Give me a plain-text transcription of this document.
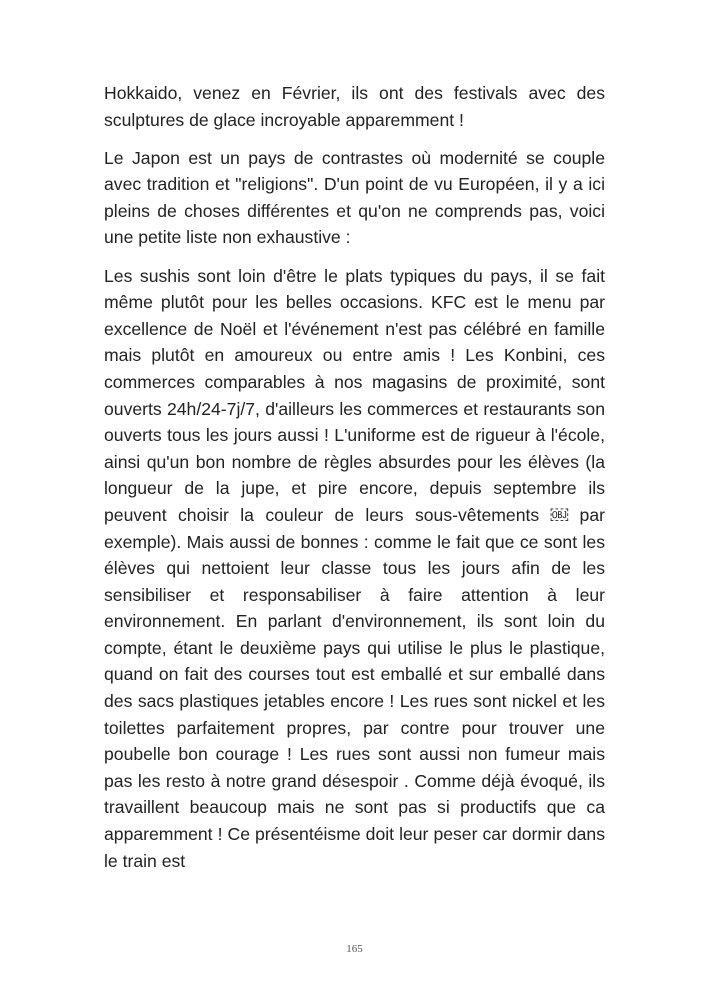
Hokkaido, venez en Février, ils ont des festivals avec des sculptures de glace incroyable apparemment !

Le Japon est un pays de contrastes où modernité se couple avec tradition et "religions". D'un point de vu Européen, il y a ici pleins de choses différentes et qu'on ne comprends pas, voici une petite liste non exhaustive :

Les sushis sont loin d'être le plats typiques du pays, il se fait même plutôt pour les belles occasions. KFC est le menu par excellence de Noël et l'événement n'est pas célébré en famille mais plutôt en amoureux ou entre amis ! Les Konbini, ces commerces comparables à nos magasins de proximité, sont ouverts 24h/24-7j/7, d'ailleurs les commerces et restaurants son ouverts tous les jours aussi ! L'uniforme est de rigueur à l'école, ainsi qu'un bon nombre de règles absurdes pour les élèves (la longueur de la jupe, et pire encore, depuis septembre ils peuvent choisir la couleur de leurs sous-vêtements ￼ par exemple). Mais aussi de bonnes : comme le fait que ce sont les élèves qui nettoient leur classe tous les jours afin de les sensibiliser et responsabiliser à faire attention à leur environnement. En parlant d'environnement, ils sont loin du compte, étant le deuxième pays qui utilise le plus le plastique, quand on fait des courses tout est emballé et sur emballé dans des sacs plastiques jetables encore ! Les rues sont nickel et les toilettes parfaitement propres, par contre pour trouver une poubelle bon courage ! Les rues sont aussi non fumeur mais pas les resto à notre grand désespoir . Comme déjà évoqué, ils travaillent beaucoup mais ne sont pas si productifs que ca apparemment ! Ce présentéisme doit leur peser car dormir dans le train est

165
